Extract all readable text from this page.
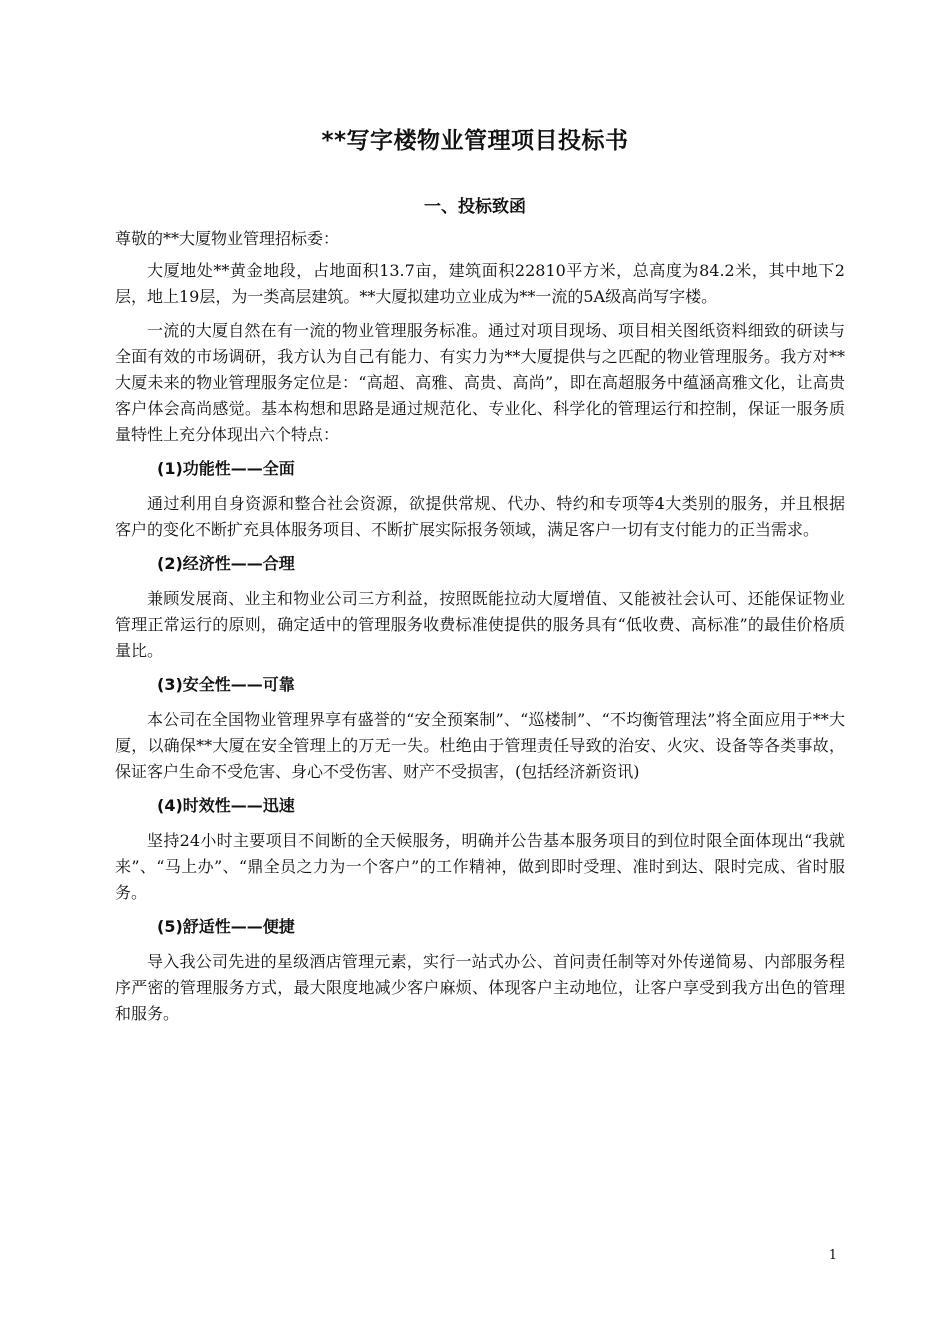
**写字楼物业管理项目投标书
一、投标致函

尊敬的**大厦物业管理招标委：

大厦地处**黄金地段，占地面积13.7亩，建筑面积22810平方米，总高度为84.2米，其中地下2层，地上19层，为一类高层建筑。**大厦拟建功立业成为**一流的5A级高尚写字楼。

一流的大厦自然在有一流的物业管理服务标准。通过对项目现场、项目相关图纸资料细致的研读与全面有效的市场调研，我方认为自己有能力、有实力为**大厦提供与之匹配的物业管理服务。我方对**大厦未来的物业管理服务定位是：“高超、高雅、高贵、高尚”，即在高超服务中蕴涵高雅文化，让高贵客户体会高尚感觉。基本构想和思路是通过规范化、专业化、科学化的管理运行和控制，保证一服务质量特性上充分体现出六个特点：

(1)功能性——全面

通过利用自身资源和整合社会资源，欲提供常规、代办、特约和专项等4大类别的服务，并且根据客户的变化不断扩充具体服务项目、不断扩展实际报务领域，满足客户一切有支付能力的正当需求。

(2)经济性——合理

兼顾发展商、业主和物业公司三方利益，按照既能拉动大厦增值、又能被社会认可、还能保证物业管理正常运行的原则，确定适中的管理服务收费标准使提供的服务具有“低收费、高标准”的最佳价格质量比。

(3)安全性——可靠

本公司在全国物业管理界享有盛誉的“安全预案制”、“巡楼制”、“不均衡管理法”将全面应用于**大厦，以确保**大厦在安全管理上的万无一失。杜绝由于管理责任导致的治安、火灾、设备等各类事故，保证客户生命不受危害、身心不受伤害、财产不受损害，(包括经济新资讯)

(4)时效性——迅速

坚持24小时主要项目不间断的全天候服务，明确并公告基本服务项目的到位时限全面体现出“我就来”、“马上办”、“鼎全员之力为一个客户”的工作精神，做到即时受理、准时到达、限时完成、省时服务。

(5)舒适性——便捷

导入我公司先进的星级酒店管理元素，实行一站式办公、首问责任制等对外传递简易、内部服务程序严密的管理服务方式，最大限度地减少客户麻烦、体现客户主动地位，让客户享受到我方出色的管理和服务。

1
